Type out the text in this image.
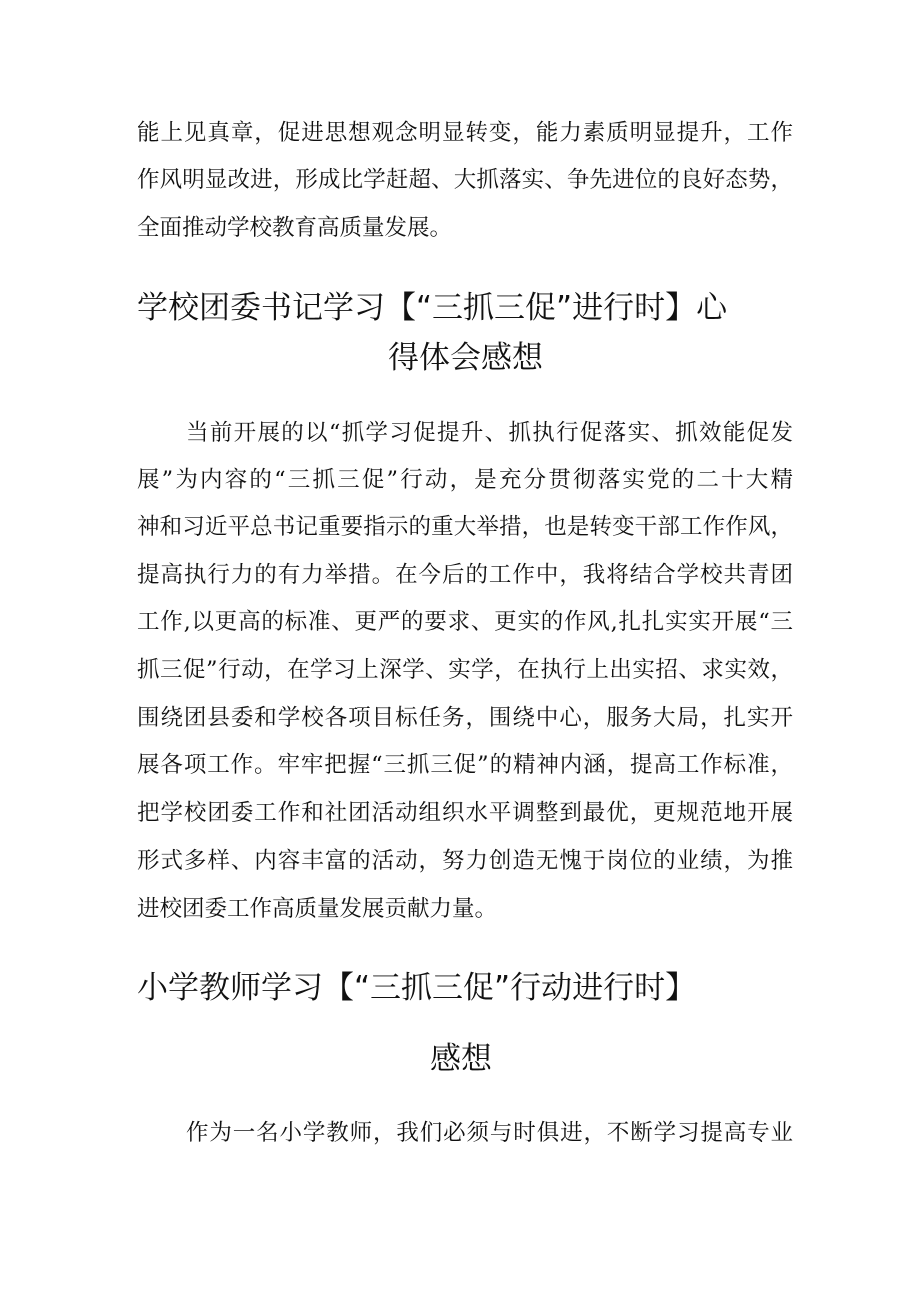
能上见真章，促进思想观念明显转变，能力素质明显提升，工作
作风明显改进，形成比学赶超、大抓落实、争先进位的良好态势，
全面推动学校教育高质量发展。
学校团委书记学习【“三抓三促”进行时】心
得体会感想
当前开展的以“抓学习促提升、抓执行促落实、抓效能促发
展”为内容的“三抓三促”行动，是充分贯彻落实党的二十大精
神和习近平总书记重要指示的重大举措，也是转变干部工作作风，
提高执行力的有力举措。在今后的工作中，我将结合学校共青团
工作,以更高的标准、更严的要求、更实的作风,扎扎实实开展“三
抓三促”行动，在学习上深学、实学，在执行上出实招、求实效，
围绕团县委和学校各项目标任务，围绕中心，服务大局，扎实开
展各项工作。牢牢把握“三抓三促”的精神内涵，提高工作标准，
把学校团委工作和社团活动组织水平调整到最优，更规范地开展
形式多样、内容丰富的活动，努力创造无愧于岗位的业绩，为推
进校团委工作高质量发展贡献力量。
小学教师学习【“三抓三促”行动进行时】
感想
作为一名小学教师，我们必须与时俱进，不断学习提高专业
